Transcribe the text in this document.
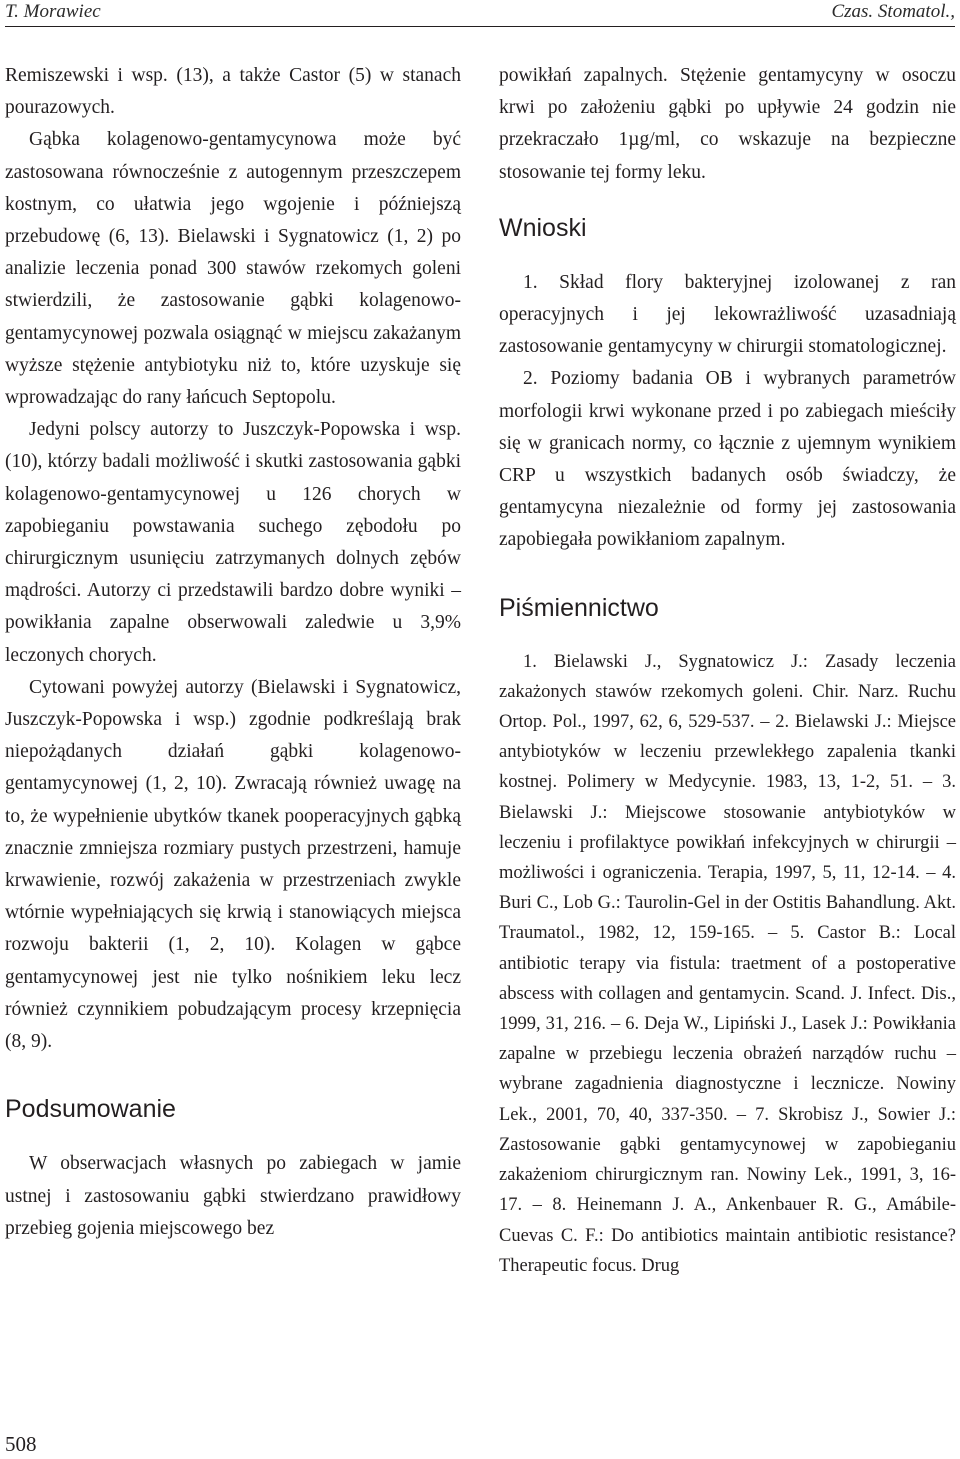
T. Morawiec	Czas. Stomatol.,

Remiszewski i wsp. (13), a także Castor (5) w stanach pourazowych.

Gąbka kolagenowo-gentamycynowa może być zastosowana równocześnie z autogennym przeszczepem kostnym, co ułatwia jego wgojenie i późniejszą przebudowę (6, 13). Bielawski i Sygnatowicz (1, 2) po analizie leczenia ponad 300 stawów rzekomych goleni stwierdzili, że zastosowanie gąbki kolagenowo-gentamycynowej pozwala osiągnąć w miejscu zakażanym wyższe stężenie antybiotyku niż to, które uzyskuje się wprowadzając do rany łańcuch Septopolu.

Jedyni polscy autorzy to Juszczyk-Popowska i wsp. (10), którzy badali możliwość i skutki zastosowania gąbki kolagenowo-gentamycynowej u 126 chorych w zapobieganiu powstawania suchego zębodołu po chirurgicznym usunięciu zatrzymanych dolnych zębów mądrości. Autorzy ci przedstawili bardzo dobre wyniki – powikłania zapalne obserwowali zaledwie u 3,9% leczonych chorych.

Cytowani powyżej autorzy (Bielawski i Sygnatowicz, Juszczyk-Popowska i wsp.) zgodnie podkreślają brak niepożądanych działań gąbki kolagenowo-gentamycynowej (1, 2, 10). Zwracają również uwagę na to, że wypełnienie ubytków tkanek pooperacyjnych gąbką znacznie zmniejsza rozmiary pustych przestrzeni, hamuje krwawienie, rozwój zakażenia w przestrzeniach zwykle wtórnie wypełniających się krwią i stanowiących miejsca rozwoju bakterii (1, 2, 10). Kolagen w gąbce gentamycynowej jest nie tylko nośnikiem leku lecz również czynnikiem pobudzającym procesy krzepnięcia (8, 9).

Podsumowanie

W obserwacjach własnych po zabiegach w jamie ustnej i zastosowaniu gąbki stwierdzano prawidłowy przebieg gojenia miejscowego bez

powikłań zapalnych. Stężenie gentamycyny w osoczu krwi po założeniu gąbki po upływie 24 godzin nie przekraczało 1µg/ml, co wskazuje na bezpieczne stosowanie tej formy leku.

Wnioski

1. Skład flory bakteryjnej izolowanej z ran operacyjnych i jej lekowrażliwość uzasadniają zastosowanie gentamycyny w chirurgii stomatologicznej.

2. Poziomy badania OB i wybranych parametrów morfologii krwi wykonane przed i po zabiegach mieściły się w granicach normy, co łącznie z ujemnym wynikiem CRP u wszystkich badanych osób świadczy, że gentamycyna niezależnie od formy jej zastosowania zapobiegała powikłaniom zapalnym.

Piśmiennictwo

1. Bielawski J., Sygnatowicz J.: Zasady leczenia zakażonych stawów rzekomych goleni. Chir. Narz. Ruchu Ortop. Pol., 1997, 62, 6, 529-537. – 2. Bielawski J.: Miejsce antybiotyków w leczeniu przewlekłego zapalenia tkanki kostnej. Polimery w Medycynie. 1983, 13, 1-2, 51. – 3. Bielawski J.: Miejscowe stosowanie antybiotyków w leczeniu i profilaktyce powikłań infekcyjnych w chirurgii – możliwości i ograniczenia. Terapia, 1997, 5, 11, 12-14. – 4. Buri C., Lob G.: Taurolin-Gel in der Ostitis Bahandlung. Akt. Traumatol., 1982, 12, 159-165. – 5. Castor B.: Local antibiotic terapy via fistula: traetment of a postoperative abscess with collagen and gentamycin. Scand. J. Infect. Dis., 1999, 31, 216. – 6. Deja W., Lipiński J., Lasek J.: Powikłania zapalne w przebiegu leczenia obrażeń narządów ruchu – wybrane zagadnienia diagnostyczne i lecznicze. Nowiny Lek., 2001, 70, 40, 337-350. – 7. Skrobisz J., Sowier J.: Zastosowanie gąbki gentamycynowej w zapobieganiu zakażeniom chirurgicznym ran. Nowiny Lek., 1991, 3, 16-17. – 8. Heinemann J. A., Ankenbauer R. G., Amábile-Cuevas C. F.: Do antibiotics maintain antibiotic resistance? Therapeutic focus. Drug

508
